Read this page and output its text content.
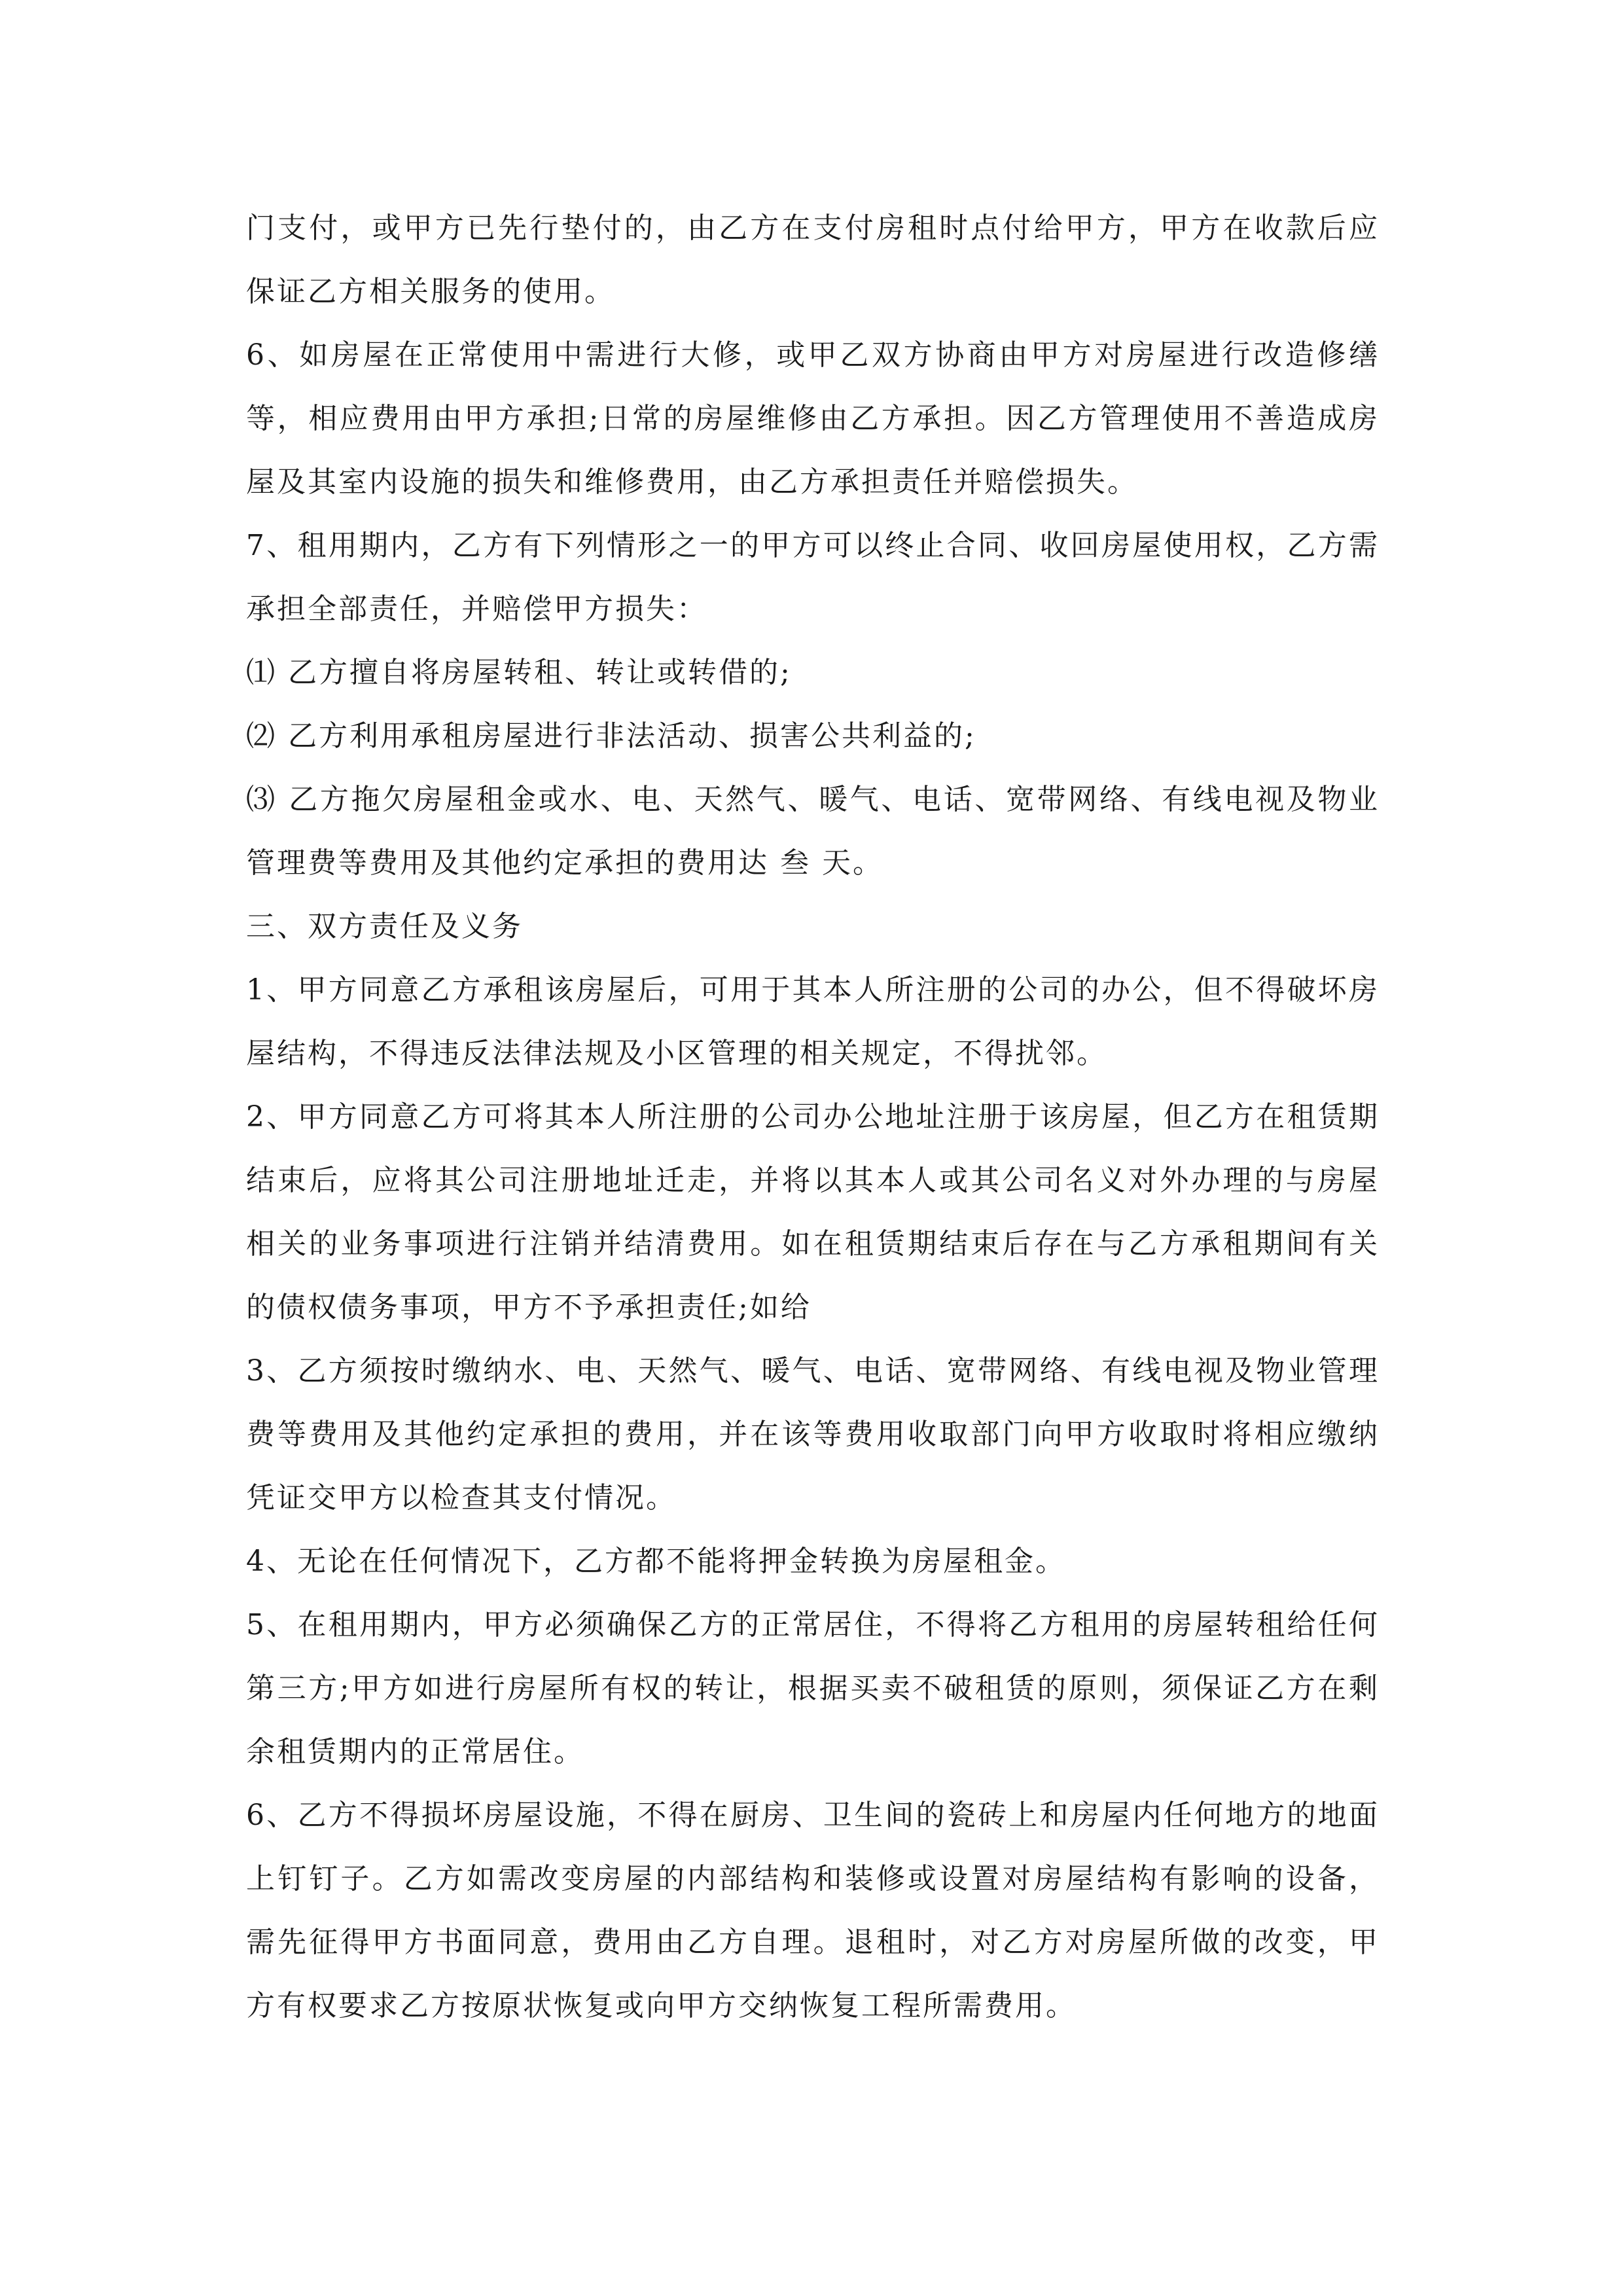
门支付，或甲方已先行垫付的，由乙方在支付房租时点付给甲方，甲方在收款后应保证乙方相关服务的使用。

6、如房屋在正常使用中需进行大修，或甲乙双方协商由甲方对房屋进行改造修缮等，相应费用由甲方承担;日常的房屋维修由乙方承担。因乙方管理使用不善造成房屋及其室内设施的损失和维修费用，由乙方承担责任并赔偿损失。

7、租用期内，乙方有下列情形之一的甲方可以终止合同、收回房屋使用权，乙方需承担全部责任，并赔偿甲方损失：

⑴ 乙方擅自将房屋转租、转让或转借的;

⑵ 乙方利用承租房屋进行非法活动、损害公共利益的;

⑶ 乙方拖欠房屋租金或水、电、天然气、暖气、电话、宽带网络、有线电视及物业管理费等费用及其他约定承担的费用达 叁 天。

三、双方责任及义务

1、甲方同意乙方承租该房屋后，可用于其本人所注册的公司的办公，但不得破坏房屋结构，不得违反法律法规及小区管理的相关规定，不得扰邻。

2、甲方同意乙方可将其本人所注册的公司办公地址注册于该房屋，但乙方在租赁期结束后，应将其公司注册地址迁走，并将以其本人或其公司名义对外办理的与房屋相关的业务事项进行注销并结清费用。如在租赁期结束后存在与乙方承租期间有关的债权债务事项，甲方不予承担责任;如给

3、乙方须按时缴纳水、电、天然气、暖气、电话、宽带网络、有线电视及物业管理费等费用及其他约定承担的费用，并在该等费用收取部门向甲方收取时将相应缴纳凭证交甲方以检查其支付情况。

4、无论在任何情况下，乙方都不能将押金转换为房屋租金。

5、在租用期内，甲方必须确保乙方的正常居住，不得将乙方租用的房屋转租给任何第三方;甲方如进行房屋所有权的转让，根据买卖不破租赁的原则，须保证乙方在剩余租赁期内的正常居住。

6、乙方不得损坏房屋设施，不得在厨房、卫生间的瓷砖上和房屋内任何地方的地面上钉钉子。乙方如需改变房屋的内部结构和装修或设置对房屋结构有影响的设备，需先征得甲方书面同意，费用由乙方自理。退租时，对乙方对房屋所做的改变，甲方有权要求乙方按原状恢复或向甲方交纳恢复工程所需费用。
